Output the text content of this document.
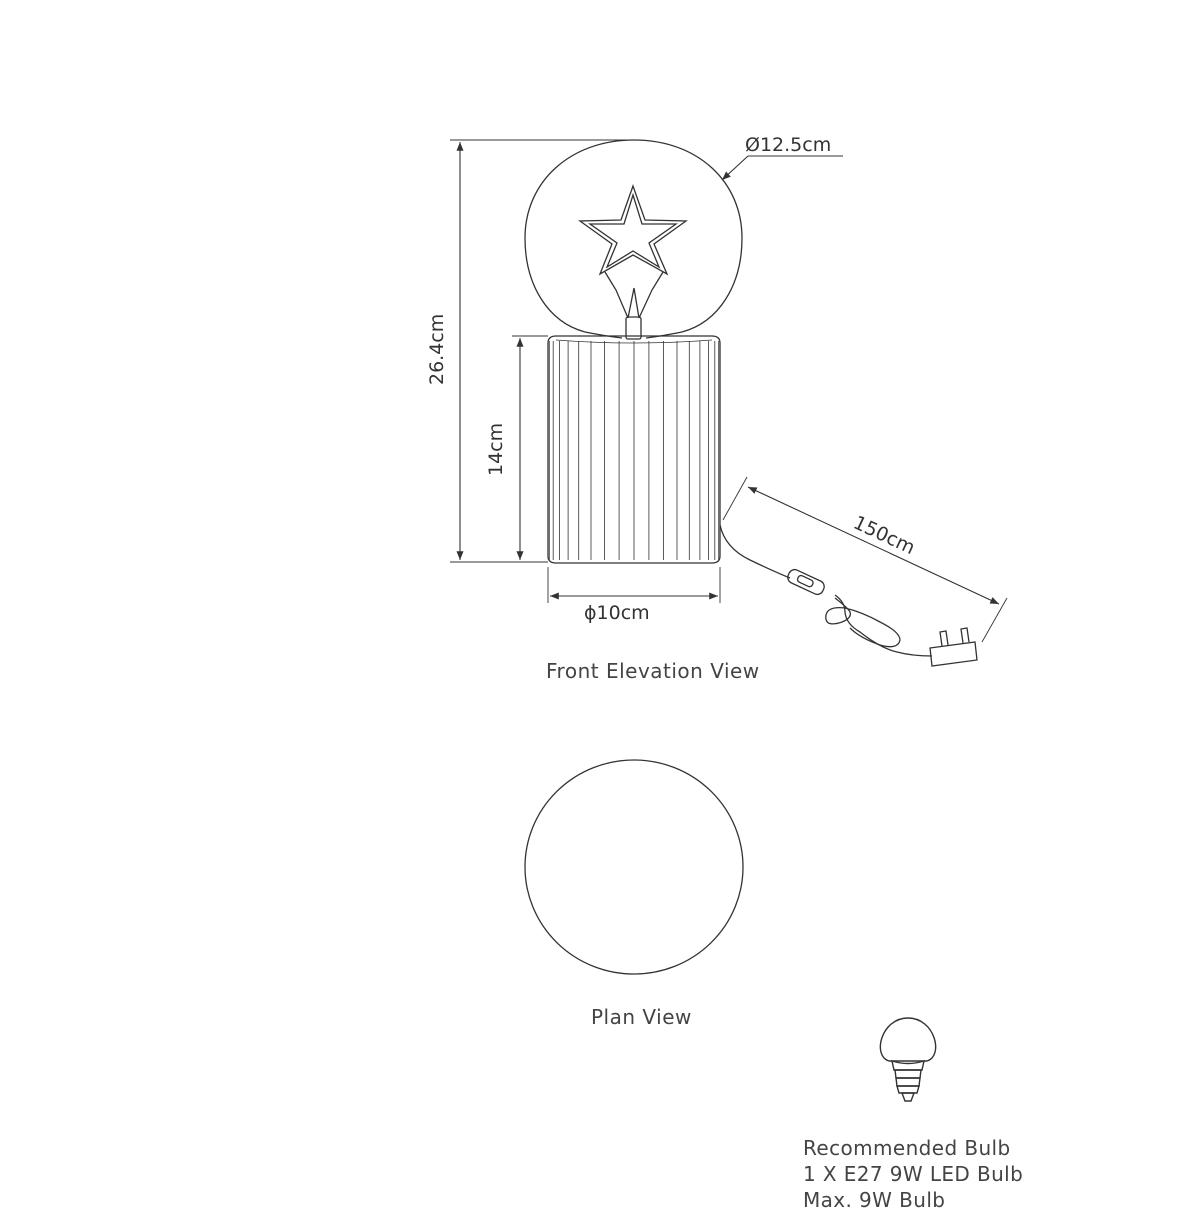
Ø12.5cm
26.4cm
14cm
ϕ10cm
150cm
Front Elevation View
Plan View
Recommended Bulb
1 X E27 9W LED Bulb
Max. 9W Bulb
